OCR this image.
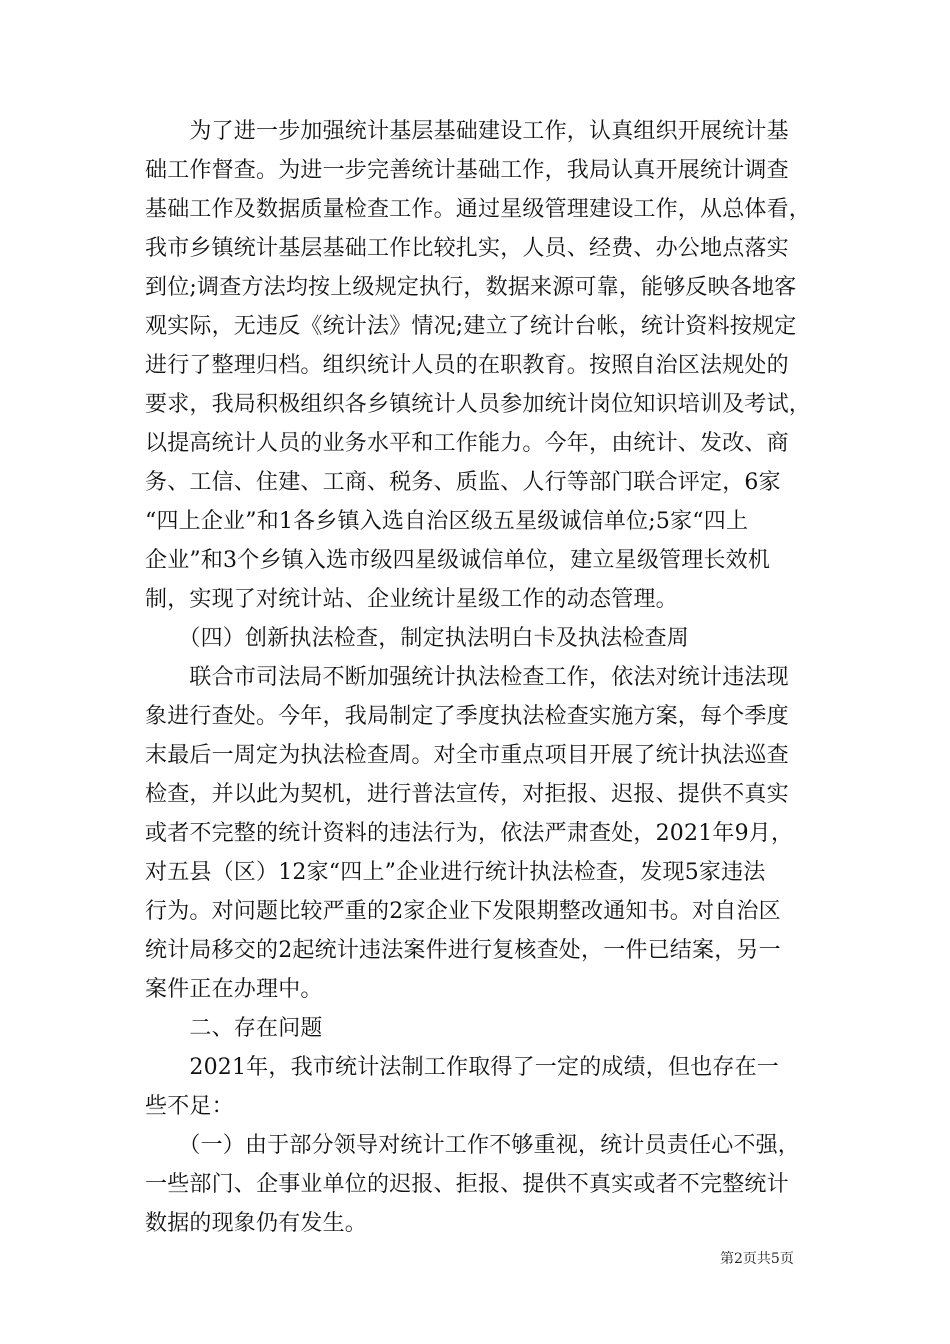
　　为了进一步加强统计基层基础建设工作，认真组织开展统计基
础工作督查。为进一步完善统计基础工作，我局认真开展统计调查
基础工作及数据质量检查工作。通过星级管理建设工作，从总体看，
我市乡镇统计基层基础工作比较扎实，人员、经费、办公地点落实
到位;调查方法均按上级规定执行，数据来源可靠，能够反映各地客
观实际，无违反《统计法》情况;建立了统计台帐，统计资料按规定
进行了整理归档。组织统计人员的在职教育。按照自治区法规处的
要求，我局积极组织各乡镇统计人员参加统计岗位知识培训及考试，
以提高统计人员的业务水平和工作能力。今年，由统计、发改、商
务、工信、住建、工商、税务、质监、人行等部门联合评定，6家
“四上企业”和1各乡镇入选自治区级五星级诚信单位;5家“四上
企业”和3个乡镇入选市级四星级诚信单位，建立星级管理长效机
制，实现了对统计站、企业统计星级工作的动态管理。
　　（四）创新执法检查，制定执法明白卡及执法检查周
　　联合市司法局不断加强统计执法检查工作，依法对统计违法现
象进行查处。今年，我局制定了季度执法检查实施方案，每个季度
末最后一周定为执法检查周。对全市重点项目开展了统计执法巡查
检查，并以此为契机，进行普法宣传，对拒报、迟报、提供不真实
或者不完整的统计资料的违法行为，依法严肃查处，2021年9月，
对五县（区）12家“四上”企业进行统计执法检查，发现5家违法
行为。对问题比较严重的2家企业下发限期整改通知书。对自治区
统计局移交的2起统计违法案件进行复核查处，一件已结案，另一
案件正在办理中。
　　二、存在问题
　　2021年，我市统计法制工作取得了一定的成绩，但也存在一
些不足：
　　（一）由于部分领导对统计工作不够重视，统计员责任心不强，
一些部门、企事业单位的迟报、拒报、提供不真实或者不完整统计
数据的现象仍有发生。
第2页共5页
